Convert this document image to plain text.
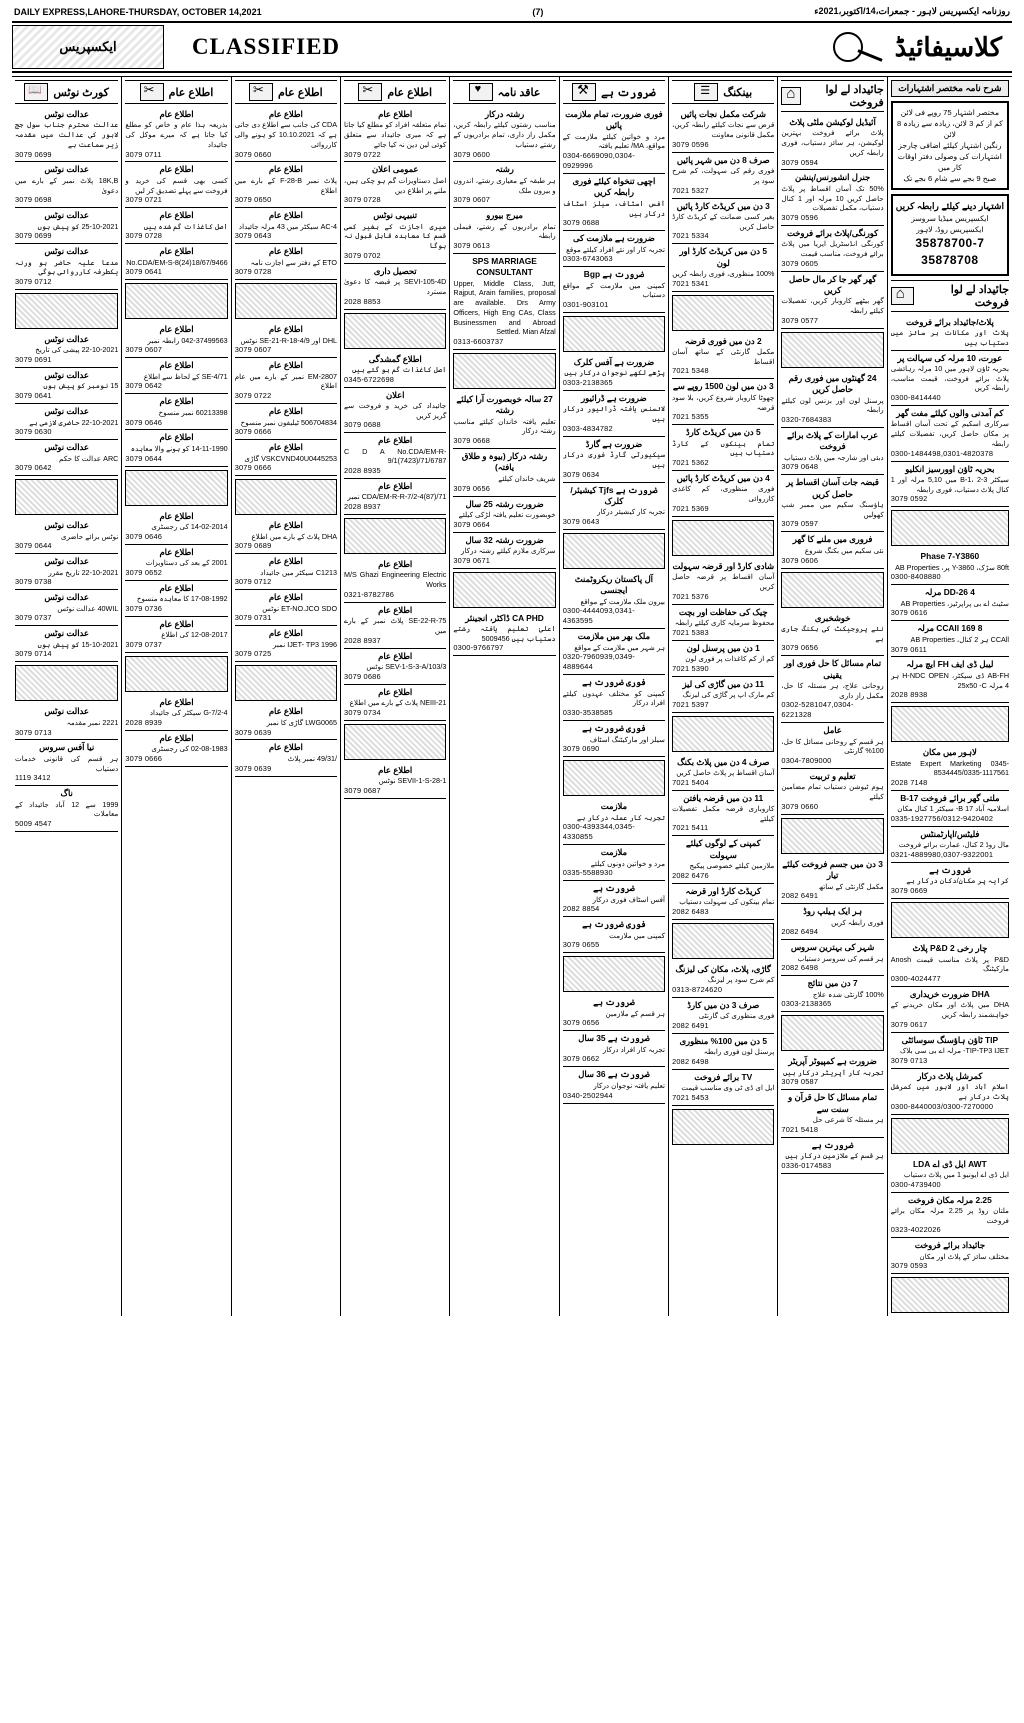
DAILY EXPRESS,LAHORE-THURSDAY, OCTOBER 14,2021	(7)	روزنامہ ایکسپریس لاہور - جمعرات،14/اکتوبر،2021ء
ایکسپریس	CLASSIFIED	کلاسیفائیڈ
شرح نامہ مختصر اشتہارات
مختصر اشتہار 75 روپے فی لائن
کم از کم 3 لائن، زیادہ سے زیادہ 8 لائن
رنگین اشتہار کیلئے اضافی چارجز
اشتہارات کی وصولی دفتر اوقات کار میں
صبح 9 بجے سے شام 6 بجے تک
اشتہار دینے کیلئے رابطہ کریں
ایکسپریس میڈیا سروسز
ایکسپریس روڈ، لاہور
35878700-7
35878708
⌂
جائیداد لے لوا فروخت
پلاٹ/جائیداد برائے فروخت
پلاٹ اور مکانات ہر سائز میں دستیاب ہیں
عورت، 10 مرلہ کی سہالت پر
بحریہ ٹاؤن لاہور میں 10 مرلہ رہائشی پلاٹ برائے فروخت، قیمت مناسب، رابطہ کریں
0300-8414440
کم آمدنی والوں کیلئے مفت گھر
سرکاری اسکیم کے تحت آسان اقساط پر مکان حاصل کریں، تفصیلات کیلئے رابطہ
0300-1484498,0301-4820378
بحریہ ٹاؤن اوورسیز انکلیو
سیکٹر B-1، 2-3 میں 5,10 مرلہ اور 1 کنال پلاٹ دستیاب، فوری رابطہ
3079 0592
Phase 7-Y3860
80ft سڑک، Y-3860 پر، AB Properties
0300-8408880
4 DD-26 مرلہ
سٹیٹ اے بی پراپرٹیز، AB Properties
3079 0616
8 169 CCAll مرلہ
CCAll ہر 2 کنال، AB Properties
3079 0611
لیبل ڈی ایف FH ایچ مرلہ
AB-FH ڈی سیکٹر، H-NDC OPEN ہر 4 مرلہ 25x50 -C
2028 8938
لاہور میں مکان
Estate Expert Marketing 0345-8534445/0335-1117561
2028 7148
ملتی گھر برائے فروخت B-17
اسلامیہ آباد 17 B- سیکٹر 1 کنال مکان
0335-1927756/0312-9420402
فلیٹس/اپارٹمنٹس
مال روڈ 2 کنال، عمارت برائے فروخت
0321-4889980,0307-9322001
ضرورت ہے
کرایہ پر مکان/دکان درکار ہے
3079 0669
چار رخی P&D 2 پلاٹ
P&D پر پلاٹ مناسب قیمت Anosh مارکیٹنگ
0300-4024477
DHA ضرورت خریداری
DHA میں پلاٹ اور مکان خریدنے کے خواہشمند رابطہ کریں
3079 0617
TIP ٹاؤن ہاؤسنگ سوسائٹی
TIP-TP3 IJET- مرلہ اے بی سی بلاک
3079 0713
کمرشل پلاٹ درکار
اسلام آباد اور لاہور میں کمرشل پلاٹ درکار ہے
0300-8440003/0300-7270000
AWT ایل ڈی اے LDA
ایل ڈی اے ایونیو 1 میں پلاٹ دستیاب
0300-4739400
2.25 مرلہ مکان فروخت
ملتان روڈ پر 2.25 مرلہ مکان برائے فروخت
0323-4022026
جائیداد برائے فروخت
مختلف سائز کے پلاٹ اور مکان
3079 0593
⌂
جائیداد لے لوا فروخت
آئیڈیل لوکیشن ملٹی پلاٹ
پلاٹ برائے فروخت بہترین لوکیشن، ہر سائز دستیاب، فوری رابطہ کریں
3079 0594
جنرل انشورنس/پنشن
50% تک آسان اقساط پر پلاٹ حاصل کریں 10 مرلہ اور 1 کنال دستیاب، مکمل تفصیلات
3079 0596
کورنگی/پلاٹ برائے فروخت
کورنگی انڈسٹریل ایریا میں پلاٹ برائے فروخت، مناسب قیمت
3079 0605
گھر گھر جا کر مال حاصل کریں
گھر بیٹھے کاروبار کریں، تفصیلات کیلئے رابطہ
3079 0577
24 گھنٹوں میں فوری رقم حاصل کریں
پرسنل لون اور بزنس لون کیلئے رابطہ
0320-7684383
عرب امارات کے پلاٹ برائے فروخت
دبئی اور شارجہ میں پلاٹ دستیاب
3079 0648
قبضہ جات آسان اقساط پر حاصل کریں
ہاؤسنگ سکیم میں ممبر شپ کھولیں
3079 0597
فروری میں ملنے کا گھر
نئی سکیم میں بکنگ شروع
3079 0606
خوشخبری
نئے پروجیکٹ کی بکنگ جاری ہے
3079 0656
تمام مسائل کا حل فوری اور یقینی
روحانی علاج، ہر مسئلہ کا حل، مکمل راز داری
0302-5281047,0304-6221328
عامل
ہر قسم کے روحانی مسائل کا حل، 100% گارنٹی
0304-7809000
تعلیم و تربیت
ہوم ٹیوشن دستیاب تمام مضامین کیلئے
3079 0660
3 دن میں جسم فروخت کیلئے تیار
مکمل گارنٹی کے ساتھ
2082 6491
ہر ایک ہیلپ روڈ
فوری رابطہ کریں
2082 6494
شہر کی بہترین سروس
ہر قسم کی سروسز دستیاب
2082 6498
7 دن میں نتائج
100% گارنٹی شدہ علاج
0303-2138365
ضرورت ہے کمپیوٹر آپریٹر
تجربہ کار آپریٹر درکار ہیں
3079 0587
تمام مسائل کا حل قرآن و سنت سے
ہر مسئلہ کا شرعی حل
7021 5418
ضرورت ہے
ہر قسم کے ملازمین درکار ہیں
0336-0174583
☰
بینکنگ
شرکت مکمل نجات پائیں
قرض سے نجات کیلئے رابطہ کریں، مکمل قانونی معاونت
3079 0596
صرف 8 دن میں شہر پائیں
فوری رقم کی سہولت، کم شرح سود پر
7021 5327
3 دن میں کریڈٹ کارڈ پائیں
بغیر کسی ضمانت کے کریڈٹ کارڈ حاصل کریں
7021 5334
5 دن میں کریڈٹ کارڈ اور لون
100% منظوری، فوری رابطہ کریں
7021 5341
2 دن میں فوری قرضہ
مکمل گارنٹی کے ساتھ آسان اقساط
7021 5348
3 دن میں لون 1500 روپے سے
چھوٹا کاروبار شروع کریں، بلا سود قرضہ
7021 5355
5 دن میں کریڈٹ کارڈ
تمام بینکوں کے کارڈ دستیاب ہیں
7021 5362
4 دن میں کریڈٹ کارڈ پائیں
فوری منظوری، کم کاغذی کارروائی
7021 5369
شادی کارڈ اور قرضہ سہولت
آسان اقساط پر قرضہ حاصل کریں
7021 5376
چیک کی حفاظت اور بچت
محفوظ سرمایہ کاری کیلئے رابطہ
7021 5383
1 دن میں پرسنل لون
کم از کم کاغذات پر فوری لون
7021 5390
11 دن میں گاڑی کی لیز
کم مارک اپ پر گاڑی کی لیزنگ
7021 5397
صرف 4 دن میں پلاٹ بکنگ
آسان اقساط پر پلاٹ حاصل کریں
7021 5404
11 دن میں قرضہ یافتن
کاروباری قرضہ مکمل تفصیلات کیلئے
7021 5411
کمپنی کے لوگوں کیلئے سہولت
ملازمین کیلئے خصوصی پیکیج
2082 6476
کریڈٹ کارڈ اور قرضہ
تمام بینکوں کی سہولت دستیاب
2082 6483
گاڑی، پلاٹ، مکان کی لیزنگ
کم شرح سود پر لیزنگ
0313-8724620
صرف 3 دن میں کارڈ
فوری منظوری کی گارنٹی
2082 6491
5 دن میں 100% منظوری
پرسنل لون فوری رابطہ
2082 6498
TV برائے فروخت
ایل ای ڈی ٹی وی مناسب قیمت
7021 5453
⚒
ضرورت ہے
فوری ضرورت، تمام ملازمت پائیں
مرد و خواتین کیلئے ملازمت کے مواقع، MA/ تعلیم یافتہ
0304-6669090,0304-0929996
اچھی تنخواہ کیلئے فوری رابطہ کریں
آفس اسٹاف، سیلز اسٹاف درکار ہیں
3079 0688
ضرورت ہے ملازمت کی
تجربہ کار اور نئے افراد کیلئے موقع
0303-6743063
ضرورت ہے Bgp
کمپنی میں ملازمت کے مواقع دستیاب
0301-903101
ضرورت ہے آفس کلرک
پڑھے لکھے نوجوان درکار ہیں
0303-2138365
ضرورت ہے ڈرائیور
لائسنس یافتہ ڈرائیور درکار ہیں
0303-4834782
ضرورت ہے گارڈ
سیکیورٹی گارڈ فوری درکار ہیں
3079 0634
ضرورت ہے Tjfs کیشیئر/کلرک
تجربہ کار کیشیئر درکار
3079 0643
آل پاکستان ریکروٹمنٹ ایجنسی
بیرون ملک ملازمت کے مواقع
0300-4444093,0341-4363595
ملک بھر میں ملازمت
ہر شہر میں ملازمت کے مواقع
0320-7960939,0349-4889644
فوری ضرورت ہے
کمپنی کو مختلف عہدوں کیلئے افراد درکار
0330-3538585
فوری ضرورت ہے
سیلز اور مارکیٹنگ اسٹاف
3079 0690
ملازمت
تجربہ کار عملہ درکار ہے
0300-4393344,0345-4330855
ملازمت
مرد و خواتین دونوں کیلئے
0335-5588930
ضرورت ہے
آفس اسٹاف فوری درکار
2082 8854
فوری ضرورت ہے
کمپنی میں ملازمت
3079 0655
ضرورت ہے
ہر قسم کے ملازمین
3079 0656
ضرورت ہے 35 سال
تجربہ کار افراد درکار
3079 0662
ضرورت ہے 36 سال
تعلیم یافتہ نوجوان درکار
0340-2502944
♥
عاقد نامہ
رشتہ درکار
مناسب رشتوں کیلئے رابطہ کریں، مکمل راز داری، تمام برادریوں کے رشتے دستیاب
3079 0600
رشتہ
ہر طبقہ کے معیاری رشتے، اندرون و بیرون ملک
3079 0607
میرج بیورو
تمام برادریوں کے رشتے، فیملی رابطہ
3079 0613
SPS MARRIAGE CONSULTANT
Upper, Middle Class, Jutt, Rajput, Arain families, proposal are available. Drs Army Officers, High Eng CAs, Class Businessmen and Abroad Settled. Mian Afzal
0313-6603737
27 سالہ خوبصورت آرا کیلئے رشتہ
تعلیم یافتہ خاندان کیلئے مناسب رشتہ درکار
3079 0668
رشتہ درکار (بیوہ و طلاق یافتہ)
شریف خاندان کیلئے
3079 0656
ضرورت رشتہ 25 سال
خوبصورت تعلیم یافتہ لڑکی کیلئے
3079 0664
ضرورت رشتہ 32 سال
سرکاری ملازم کیلئے رشتہ درکار
3079 0671
CA PHD ڈاکٹر، انجینئر
اعلیٰ تعلیم یافتہ رشتے دستیاب ہیں 5009456
0300-9766797
✂
اطلاع عام
اطلاع عام
تمام متعلقہ افراد کو مطلع کیا جاتا ہے کہ میری جائیداد سے متعلق کوئی لین دین نہ کیا جائے
3079 0722
عمومی اعلان
اصل دستاویزات گم ہو چکی ہیں، ملنے پر اطلاع دیں
3079 0728
تنبیہی نوٹس
میری اجازت کے بغیر کسی قسم کا معاہدہ قابل قبول نہ ہوگا
3079 0702
تحصیل داری
SEVI-105-4D پر قبضہ کا دعویٰ مسترد
2028 8853
اطلاع گمشدگی
اصل کاغذات گم ہو گئے ہیں
0345-6722698
اعلان
جائیداد کی خرید و فروخت سے گریز کریں
3079 0688
اطلاع عام
C D A No.CDA/EM-R-9/1(7423)/71/6787
2028 8935
اطلاع عام
CDA/EM-R-R-7/2-4(87)/71 نمبر
2028 8937
اطلاع عام
M/S Ghazi Engineering Electric Works
0321-8782786
اطلاع عام
SE-22-R-75 پلاٹ نمبر کے بارے میں
2028 8937
اطلاع عام
SEV-1-S-3-A/103/3 نوٹس
3079 0686
اطلاع عام
NEIII-21 پلاٹ کے بارے میں اطلاع
3079 0734
اطلاع عام
SEVII-1-S-28-1 نوٹس
3079 0687
✂
اطلاع عام
اطلاع عام
CDA کی جانب سے اطلاع دی جاتی ہے کہ 10.10.2021 کو ہونے والی کارروائی
3079 0660
اطلاع عام
پلاٹ نمبر F-28-B کے بارے میں اطلاع
3079 0650
اطلاع عام
AC-4 سیکٹر میں 43 مرلہ جائیداد
3079 0643
اطلاع عام
ETO کے دفتر سے اجازت نامہ
3079 0728
اطلاع عام
DHL اور SE-21-R-18-4/9 نوٹس
3079 0607
اطلاع عام
EM-2807 نمبر کے بارے میں عام اطلاع
3079 0722
اطلاع عام
506704834 ٹیلیفون نمبر منسوخ
3079 0666
اطلاع عام
VSKCVND40U0445253 گاڑی
3079 0666
اطلاع عام
DHA پلاٹ کے بارے میں اطلاع
3079 0689
اطلاع عام
C1213 سیکٹر میں جائیداد
3079 0712
اطلاع عام
ET-NO.JCO SDO نوٹس
3079 0731
اطلاع عام
IJET- TP3 1996 نمبر
3079 0725
اطلاع عام
LWG0065 گاڑی کا نمبر
3079 0639
اطلاع عام
/49/31 نمبر پلاٹ
3079 0639
✂
اطلاع عام
اطلاع عام
بذریعہ ہذا عام و خاص کو مطلع کیا جاتا ہے کہ میرے موکل کی جائیداد
3079 0711
اطلاع عام
کسی بھی قسم کی خرید و فروخت سے پہلے تصدیق کر لیں
3079 0721
اطلاع عام
اصل کاغذات گم شدہ ہیں
3079 0728
اطلاع عام
No.CDA/EM-S-8(24)18/67/9466
3079 0641
اطلاع عام
042-37499563 رابطہ نمبر
3079 0607
اطلاع عام
SE-4/71 کے لحاظ سے اطلاع
3079 0642
اطلاع عام
60213398 نمبر منسوخ
3079 0646
اطلاع عام
14-11-1990 کو ہونے والا معاہدہ
3079 0644
اطلاع عام
14-02-2014 کی رجسٹری
3079 0646
اطلاع عام
2001 کے بعد کی دستاویزات
3079 0652
اطلاع عام
17-08-1992 کا معاہدہ منسوخ
3079 0736
اطلاع عام
12-08-2017 کی اطلاع
3079 0737
اطلاع عام
G-7/2-4 سیکٹر کی جائیداد
2028 8939
اطلاع عام
02-08-1983 کی رجسٹری
3079 0666
📖
کورٹ نوٹس
عدالت نوٹس
عدالت محترم جناب سول جج لاہور کی عدالت میں مقدمہ زیر سماعت ہے
3079 0699
عدالت نوٹس
18K,B پلاٹ نمبر کے بارے میں دعویٰ
3079 0698
عدالت نوٹس
25-10-2021 کو پیش ہوں
3079 0699
عدالت نوٹس
مدعا علیہ حاضر ہو ورنہ یکطرفہ کارروائی ہوگی
3079 0712
عدالت نوٹس
22-10-2021 پیشی کی تاریخ
3079 0691
عدالت نوٹس
15 نومبر کو پیش ہوں
3079 0641
عدالت نوٹس
22-10-2021 حاضری لازمی ہے
3079 0630
عدالت نوٹس
ARC عدالت کا حکم
3079 0642
عدالت نوٹس
نوٹس برائے حاضری
3079 0644
عدالت نوٹس
22-10-2021 تاریخ مقرر
3079 0738
عدالت نوٹس
40WIL عدالت نوٹس
3079 0737
عدالت نوٹس
15-10-2021 کو پیش ہوں
3079 0714
عدالت نوٹس
2221 نمبر مقدمہ
3079 0713
نیا آفس سروس
ہر قسم کی قانونی خدمات دستیاب
1119 3412
ناگ
1999 سے 12 آباد جائیداد کے معاملات
5009 4547
